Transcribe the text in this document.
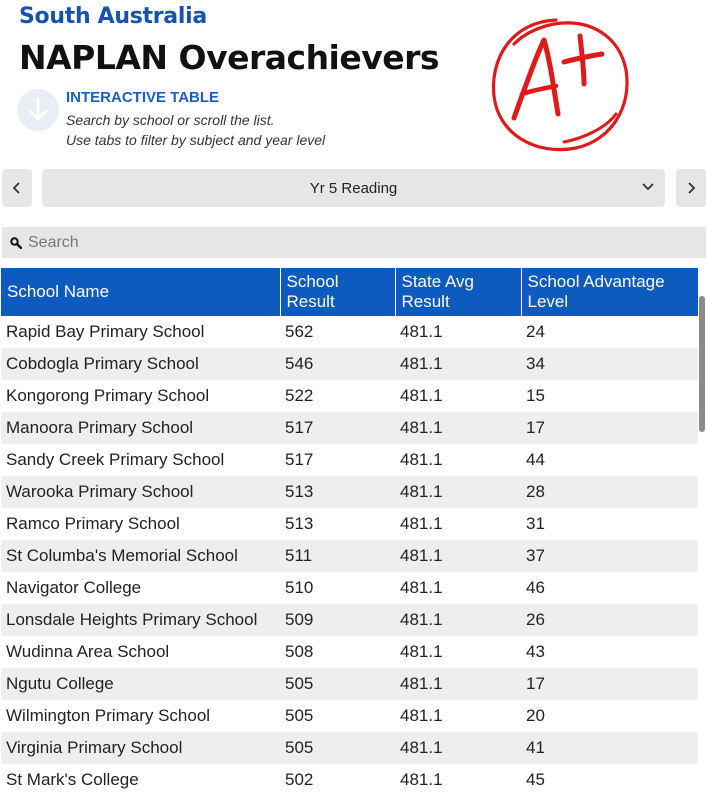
South Australia
NAPLAN Overachievers
INTERACTIVE TABLE
Search by school or scroll the list.
Use tabs to filter by subject and year level
Yr 5 Reading
Search
School Name	School Result	State Avg Result	School Advantage Level
Rapid Bay Primary School	562	481.1	24
Cobdogla Primary School	546	481.1	34
Kongorong Primary School	522	481.1	15
Manoora Primary School	517	481.1	17
Sandy Creek Primary School	517	481.1	44
Warooka Primary School	513	481.1	28
Ramco Primary School	513	481.1	31
St Columba's Memorial School	511	481.1	37
Navigator College	510	481.1	46
Lonsdale Heights Primary School	509	481.1	26
Wudinna Area School	508	481.1	43
Ngutu College	505	481.1	17
Wilmington Primary School	505	481.1	20
Virginia Primary School	505	481.1	41
St Mark's College	502	481.1	45
